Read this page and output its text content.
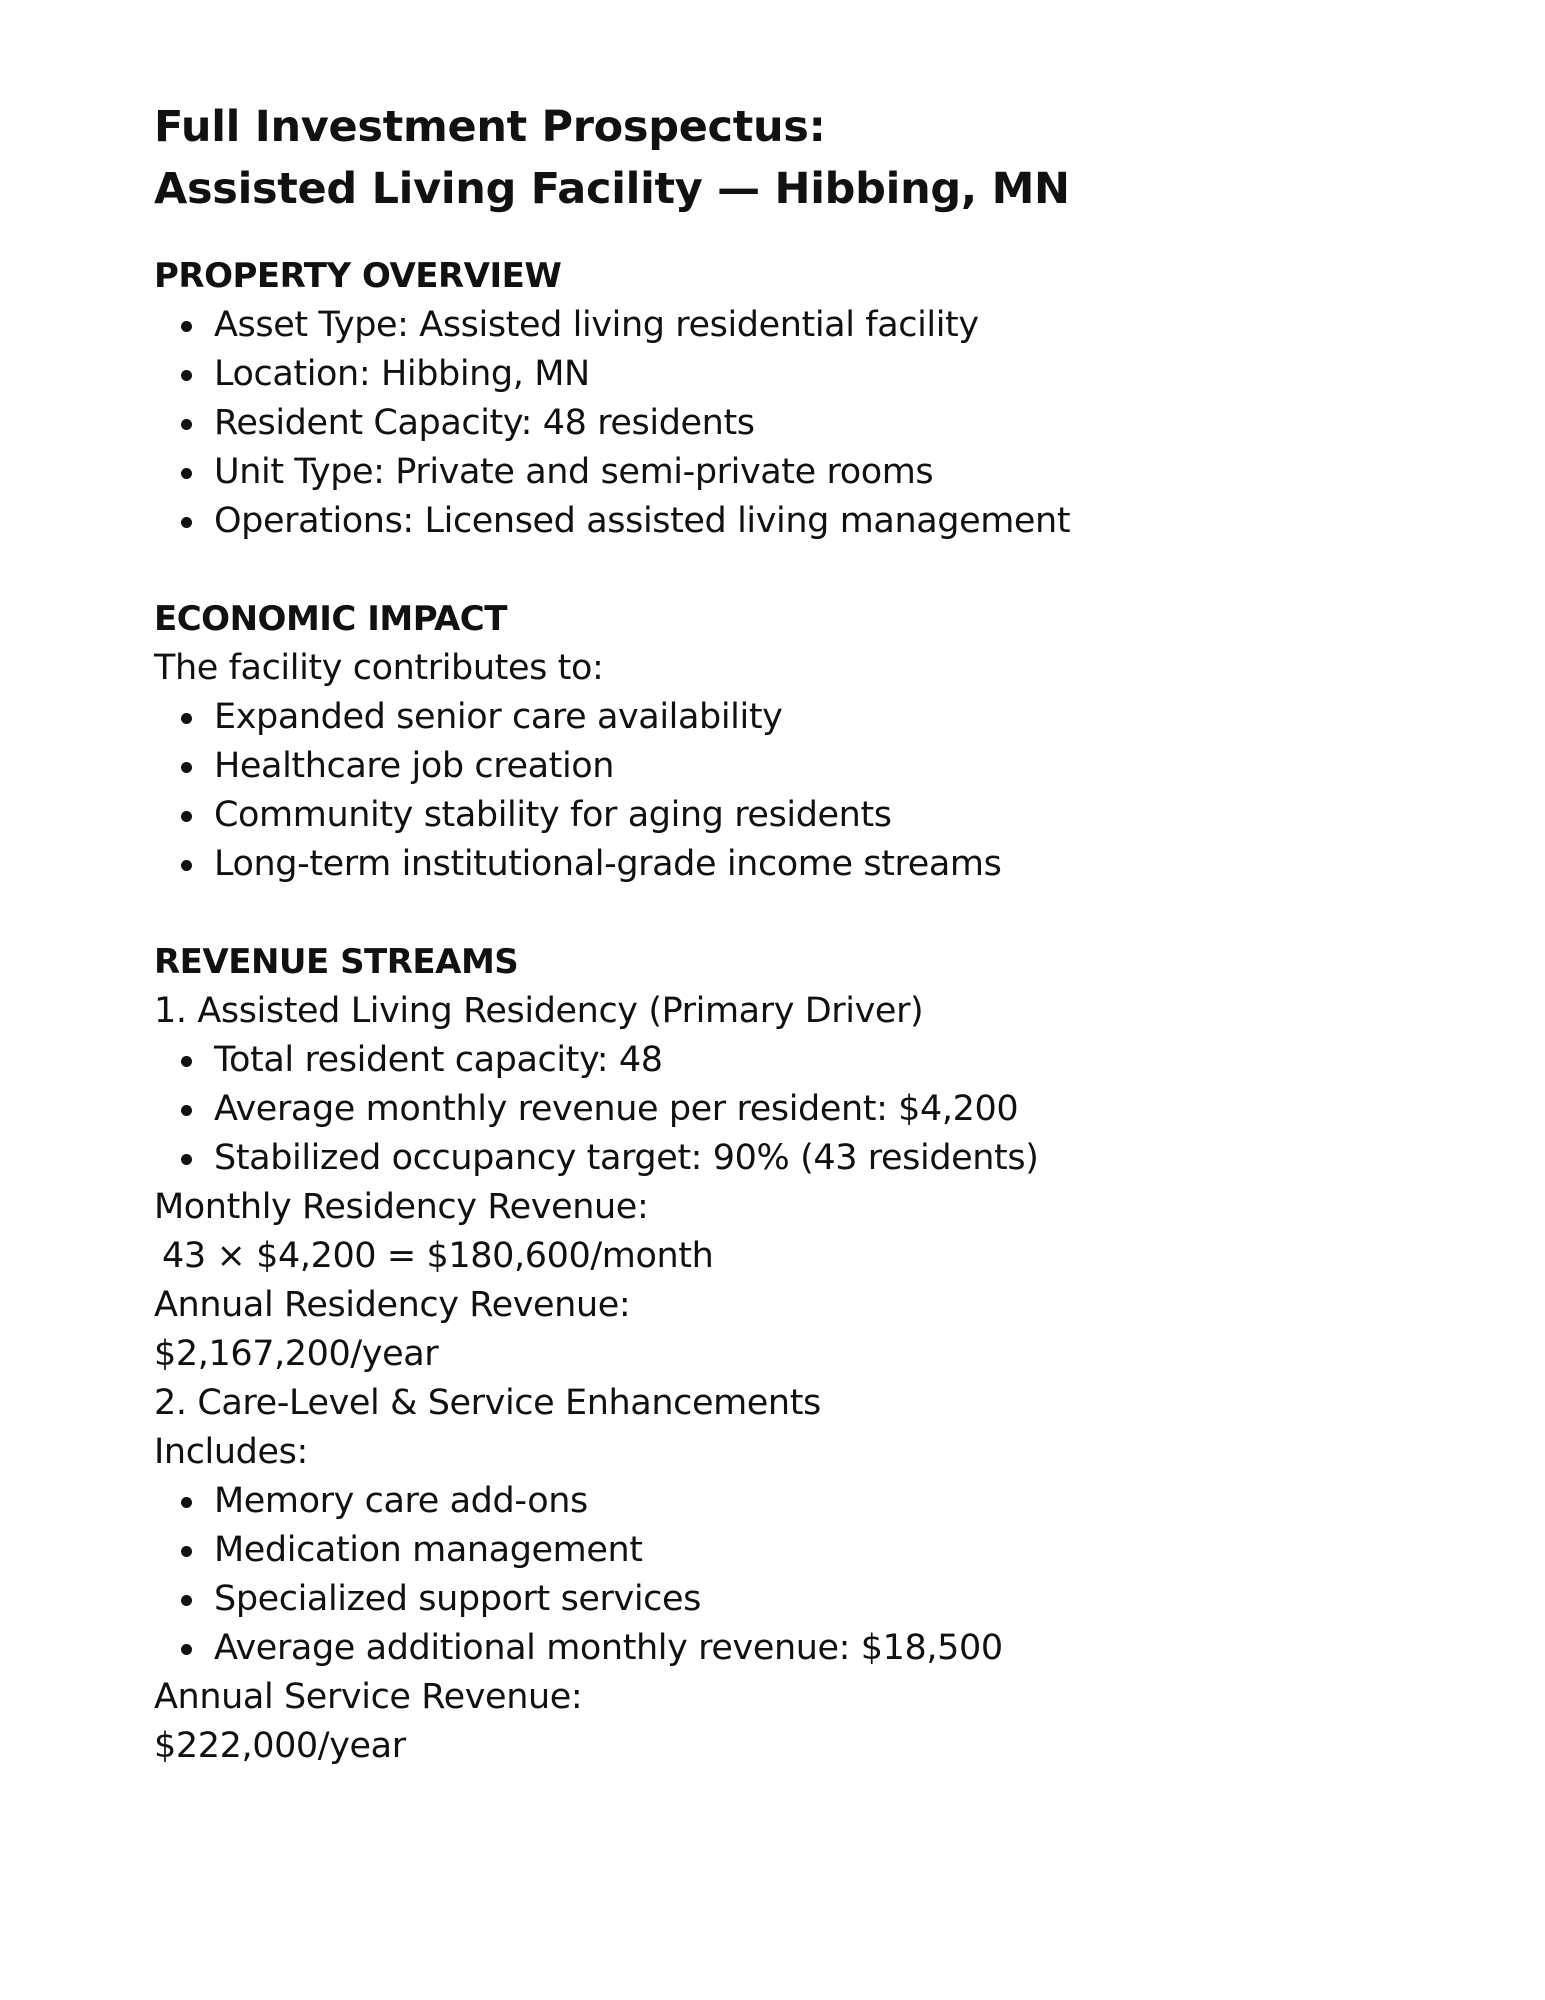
Full Investment Prospectus:
Assisted Living Facility — Hibbing, MN
PROPERTY OVERVIEW
Asset Type: Assisted living residential facility
Location: Hibbing, MN
Resident Capacity: 48 residents
Unit Type: Private and semi-private rooms
Operations: Licensed assisted living management
ECONOMIC IMPACT

The facility contributes to:

Expanded senior care availability
Healthcare job creation
Community stability for aging residents
Long-term institutional-grade income streams
REVENUE STREAMS

1. Assisted Living Residency (Primary Driver)

Total resident capacity: 48
Average monthly revenue per resident: $4,200
Stabilized occupancy target: 90% (43 residents)

Monthly Residency Revenue:

43 × $4,200 = $180,600/month

Annual Residency Revenue:

$2,167,200/year

2. Care-Level & Service Enhancements

Includes:

Memory care add-ons
Medication management
Specialized support services
Average additional monthly revenue: $18,500

Annual Service Revenue:

$222,000/year
